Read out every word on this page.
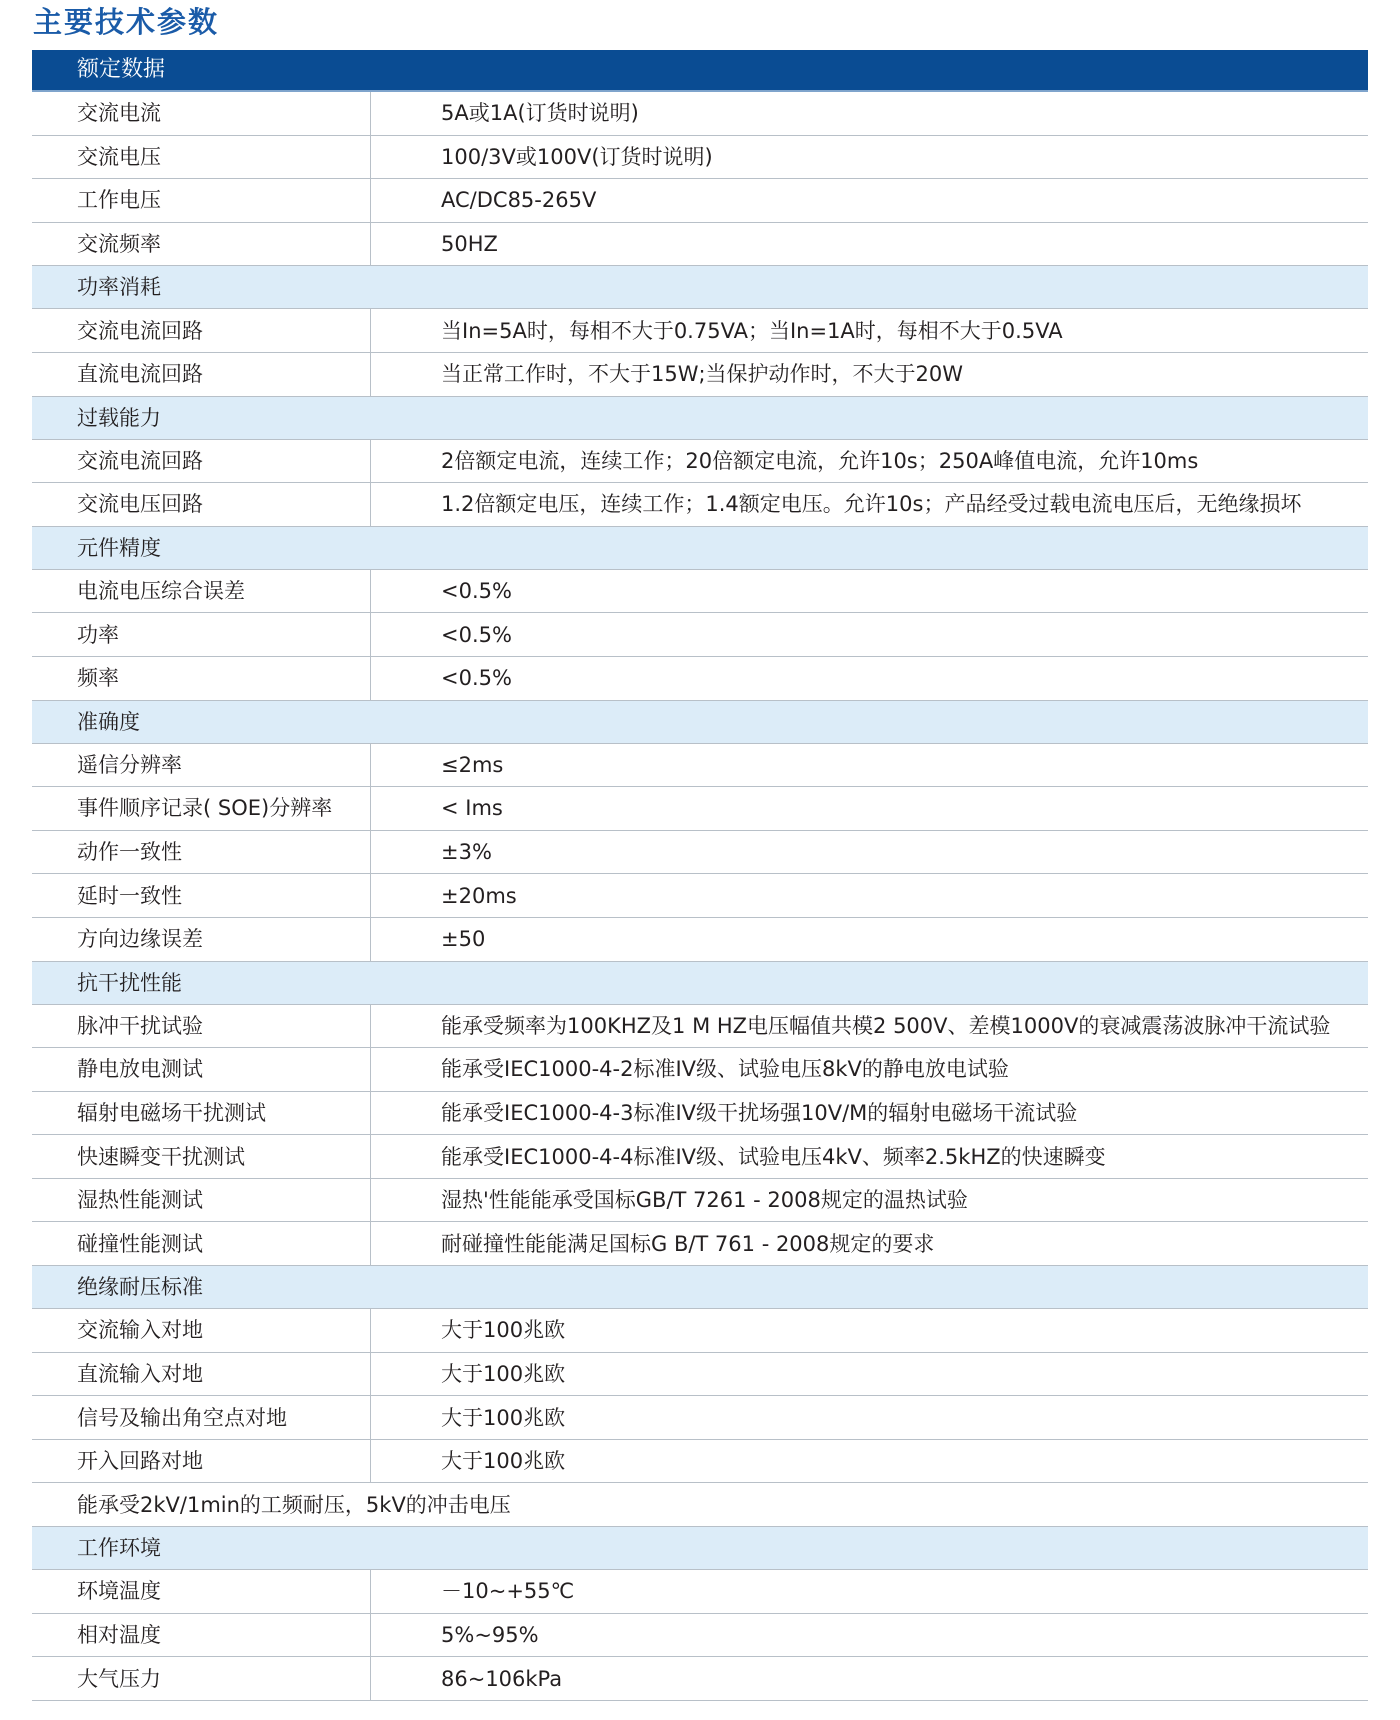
主要技术参数
额定数据
交流电流	5A或1A(订货时说明)
交流电压	100/3V或100V(订货时说明)
工作电压	AC/DC85-265V
交流频率	50HZ
功率消耗
交流电流回路	当In=5A时，每相不大于0.75VA；当In=1A时，每相不大于0.5VA
直流电流回路	当正常工作时，不大于15W;当保护动作时，不大于20W
过载能力
交流电流回路	2倍额定电流，连续工作；20倍额定电流，允许10s；250A峰值电流，允许10ms
交流电压回路	1.2倍额定电压，连续工作；1.4额定电压。允许10s；产品经受过载电流电压后，无绝缘损坏
元件精度
电流电压综合误差	<0.5%
功率	<0.5%
频率	<0.5%
准确度
遥信分辨率	≤2ms
事件顺序记录( SOE)分辨率	< Ims
动作一致性	±3%
延时一致性	±20ms
方向边缘误差	±50
抗干扰性能
脉冲干扰试验	能承受频率为100KHZ及1 M HZ电压幅值共模2 500V、差模1000V的衰减震荡波脉冲干流试验
静电放电测试	能承受IEC1000-4-2标准IV级、试验电压8kV的静电放电试验
辐射电磁场干扰测试	能承受IEC1000-4-3标准IV级干扰场强10V/M的辐射电磁场干流试验
快速瞬变干扰测试	能承受IEC1000-4-4标准IV级、试验电压4kV、频率2.5kHZ的快速瞬变
湿热性能测试	湿热'性能能承受国标GB/T 7261 - 2008规定的温热试验
碰撞性能测试	耐碰撞性能能满足国标G B/T 761 - 2008规定的要求
绝缘耐压标准
交流输入对地	大于100兆欧
直流输入对地	大于100兆欧
信号及输出角空点对地	大于100兆欧
开入回路对地	大于100兆欧
能承受2kV/1min的工频耐压，5kV的冲击电压
工作环境
环境温度	－10~+55℃
相对温度	5%~95%
大气压力	86~106kPa
